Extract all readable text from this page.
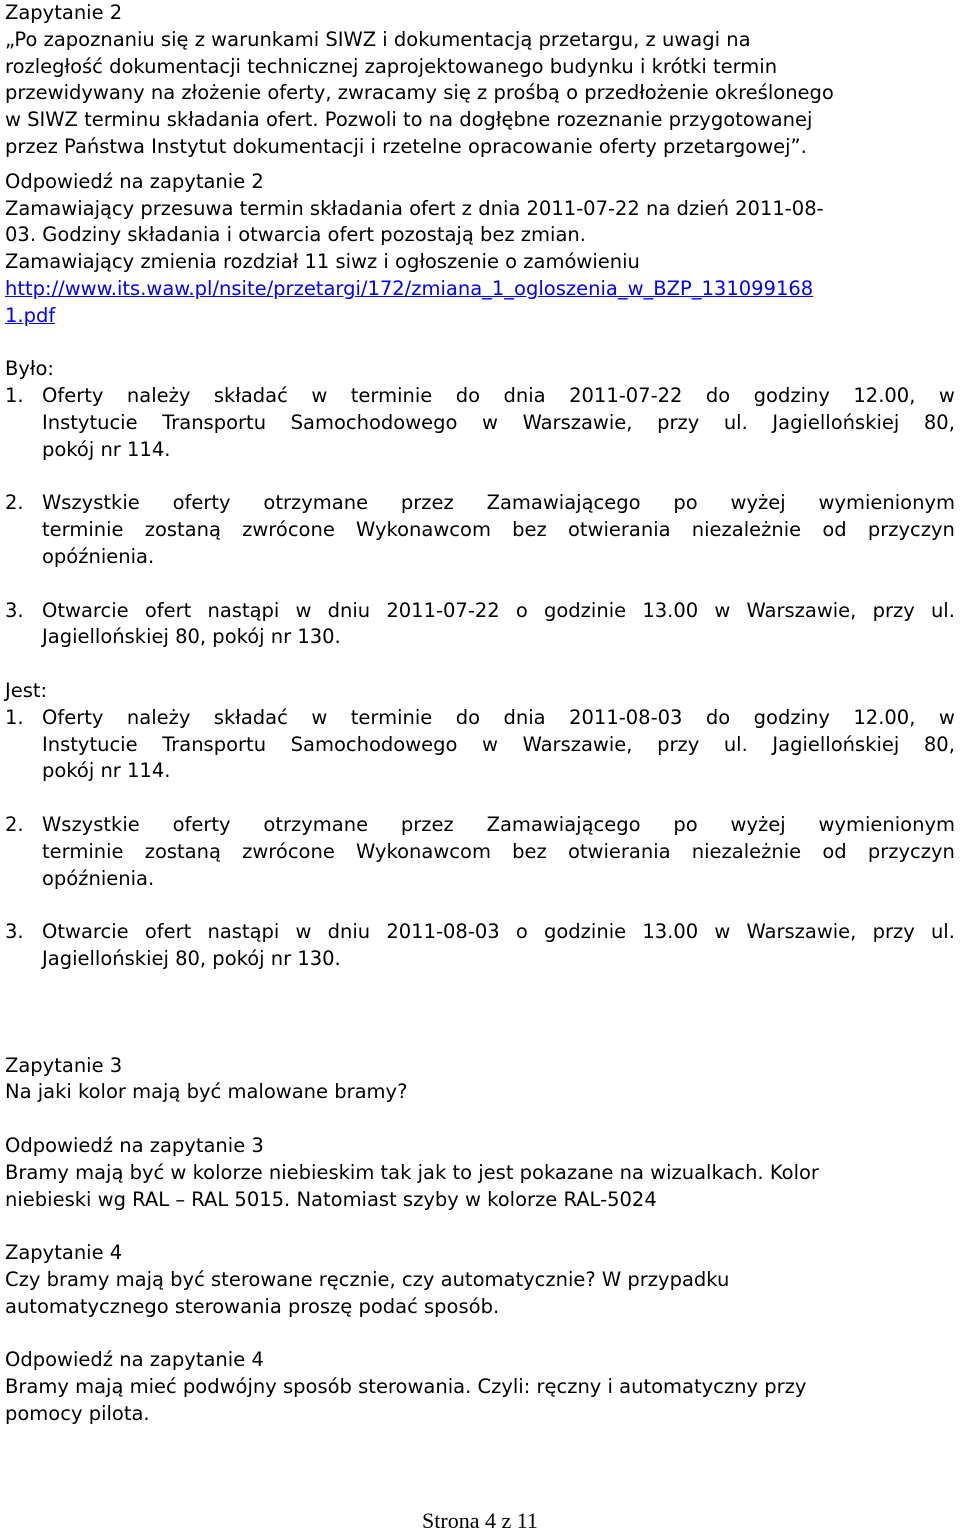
Zapytanie 2
„Po zapoznaniu się z warunkami SIWZ i dokumentacją przetargu, z uwagi na
rozległość dokumentacji technicznej zaprojektowanego budynku i krótki termin
przewidywany na złożenie oferty, zwracamy się z prośbą o przedłożenie określonego
w SIWZ terminu składania ofert. Pozwoli to na dogłębne rozeznanie przygotowanej
przez Państwa Instytut dokumentacji i rzetelne opracowanie oferty przetargowej”.
Odpowiedź na zapytanie 2
Zamawiający przesuwa termin składania ofert z dnia 2011-07-22 na dzień 2011-08-
03. Godziny składania i otwarcia ofert pozostają bez zmian.
Zamawiający zmienia rozdział 11 siwz i ogłoszenie o zamówieniu
http://www.its.waw.pl/nsite/przetargi/172/zmiana_1_ogloszenia_w_BZP_131099168
1.pdf
Było:
1. Oferty należy składać w terminie do dnia 2011-07-22 do godziny 12.00, w
Instytucie Transportu Samochodowego w Warszawie, przy ul. Jagiellońskiej 80,
pokój nr 114.
2. Wszystkie oferty otrzymane przez Zamawiającego po wyżej wymienionym
terminie zostaną zwrócone Wykonawcom bez otwierania niezależnie od przyczyn
opóźnienia.
3. Otwarcie ofert nastąpi w dniu 2011-07-22 o godzinie 13.00 w Warszawie, przy ul.
Jagiellońskiej 80, pokój nr 130.
Jest:
1. Oferty należy składać w terminie do dnia 2011-08-03 do godziny 12.00, w
Instytucie Transportu Samochodowego w Warszawie, przy ul. Jagiellońskiej 80,
pokój nr 114.
2. Wszystkie oferty otrzymane przez Zamawiającego po wyżej wymienionym
terminie zostaną zwrócone Wykonawcom bez otwierania niezależnie od przyczyn
opóźnienia.
3. Otwarcie ofert nastąpi w dniu 2011-08-03 o godzinie 13.00 w Warszawie, przy ul.
Jagiellońskiej 80, pokój nr 130.
Zapytanie 3
Na jaki kolor mają być malowane bramy?
Odpowiedź na zapytanie 3
Bramy mają być w kolorze niebieskim tak jak to jest pokazane na wizualkach. Kolor
niebieski wg RAL – RAL 5015. Natomiast szyby w kolorze RAL-5024
Zapytanie 4
Czy bramy mają być sterowane ręcznie, czy automatycznie? W przypadku
automatycznego sterowania proszę podać sposób.
Odpowiedź na zapytanie 4
Bramy mają mieć podwójny sposób sterowania. Czyli: ręczny i automatyczny przy
pomocy pilota.
Strona 4 z 11
